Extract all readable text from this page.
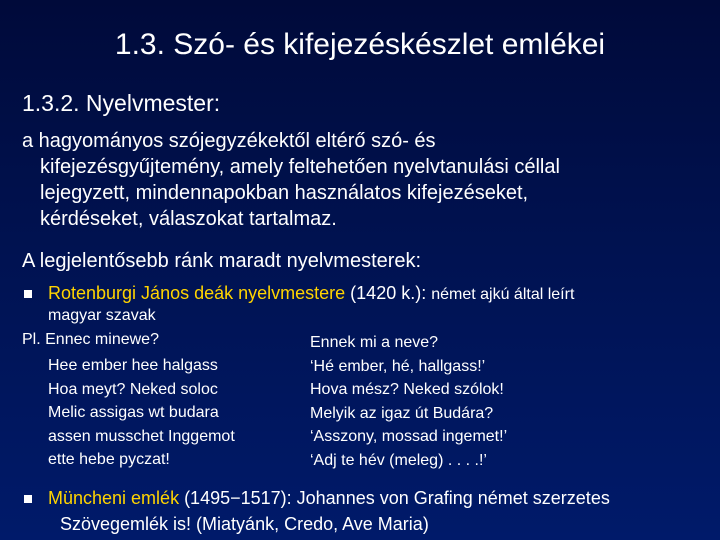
1.3. Szó- és kifejezéskészlet emlékei
1.3.2. Nyelvmester:
a hagyományos szójegyzékektől eltérő szó- és
kifejezésgyűjtemény, amely feltehetően nyelvtanulási céllal
lejegyzett, mindennapokban használatos kifejezéseket,
kérdéseket, válaszokat tartalmaz.
A legjelentősebb ránk maradt nyelvmesterek:
Rotenburgi János deák nyelvmestere (1420 k.): német ajkú által leírt
magyar szavak
Pl. Ennec minewe?
Hee ember hee halgass
Hoa meyt? Neked soloc
Melic assigas wt budara
assen musschet Inggemot
ette hebe pyczat!
Ennek mi a neve?
‘Hé ember, hé, hallgass!’
Hova mész? Neked szólok!
Melyik az igaz út Budára?
‘Asszony, mossad ingemet!’
‘Adj te hév (meleg) . . . .!’
Müncheni emlék (1495−1517): Johannes von Grafing német szerzetes
Szövegemlék is! (Miatyánk, Credo, Ave Maria)
